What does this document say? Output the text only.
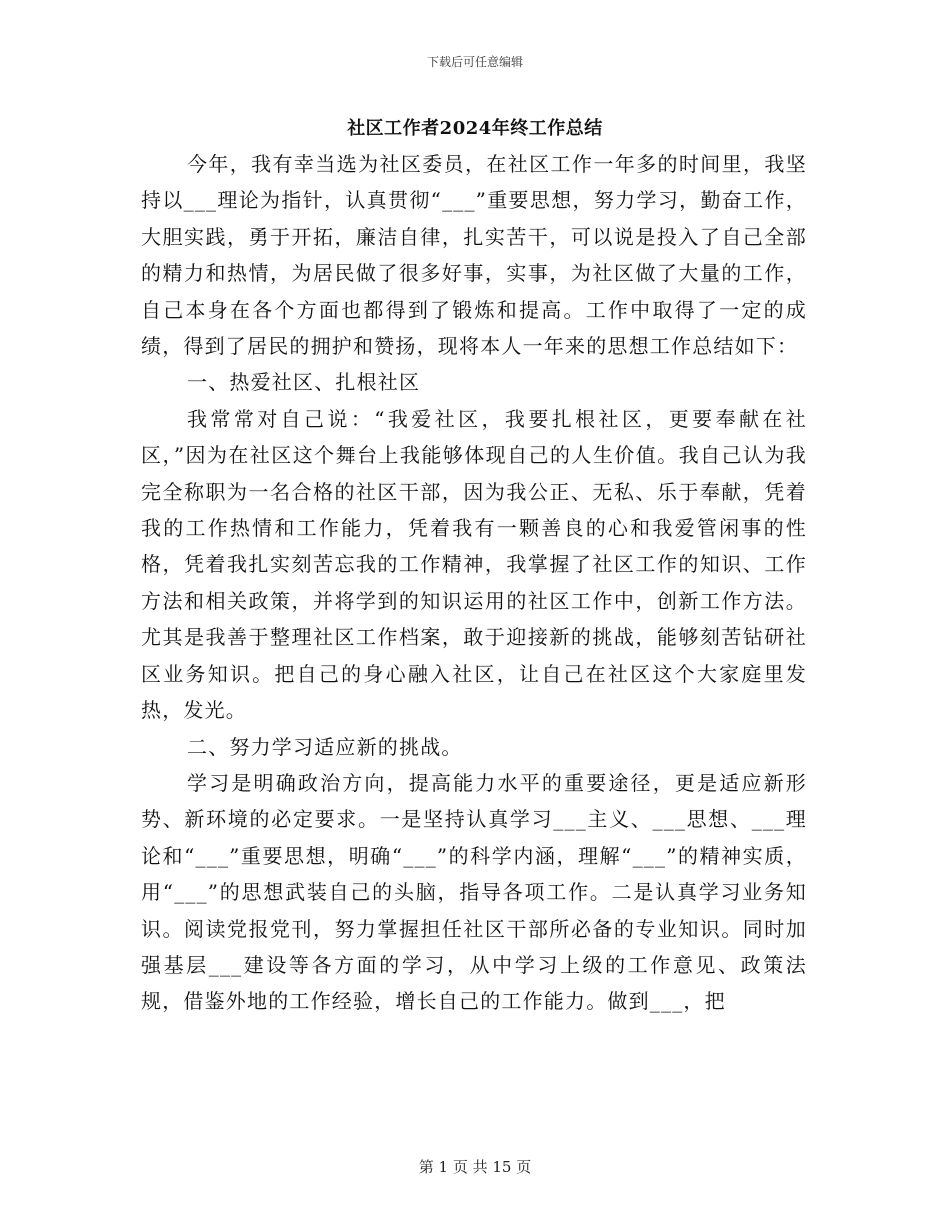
下载后可任意编辑
社区工作者2024年终工作总结

今年，我有幸当选为社区委员，在社区工作一年多的时间里，我坚持以___理论为指针，认真贯彻“___”重要思想，努力学习，勤奋工作，大胆实践，勇于开拓，廉洁自律，扎实苦干，可以说是投入了自己全部的精力和热情，为居民做了很多好事，实事，为社区做了大量的工作，自己本身在各个方面也都得到了锻炼和提高。工作中取得了一定的成绩，得到了居民的拥护和赞扬，现将本人一年来的思想工作总结如下：

一、热爱社区、扎根社区

我常常对自己说：“我爱社区，我要扎根社区，更要奉献在社区，”因为在社区这个舞台上我能够体现自己的人生价值。我自己认为我完全称职为一名合格的社区干部，因为我公正、无私、乐于奉献，凭着我的工作热情和工作能力，凭着我有一颗善良的心和我爱管闲事的性格，凭着我扎实刻苦忘我的工作精神，我掌握了社区工作的知识、工作方法和相关政策，并将学到的知识运用的社区工作中，创新工作方法。尤其是我善于整理社区工作档案，敢于迎接新的挑战，能够刻苦钻研社区业务知识。把自己的身心融入社区，让自己在社区这个大家庭里发热，发光。

二、努力学习适应新的挑战。

学习是明确政治方向，提高能力水平的重要途径，更是适应新形势、新环境的必定要求。一是坚持认真学习___主义、___思想、___理论和“___”重要思想，明确“___”的科学内涵，理解“___”的精神实质，用“___”的思想武装自己的头脑，指导各项工作。二是认真学习业务知识。阅读党报党刊，努力掌握担任社区干部所必备的专业知识。同时加强基层___建设等各方面的学习，从中学习上级的工作意见、政策法规，借鉴外地的工作经验，增长自己的工作能力。做到___，把

第 1 页 共 15 页
